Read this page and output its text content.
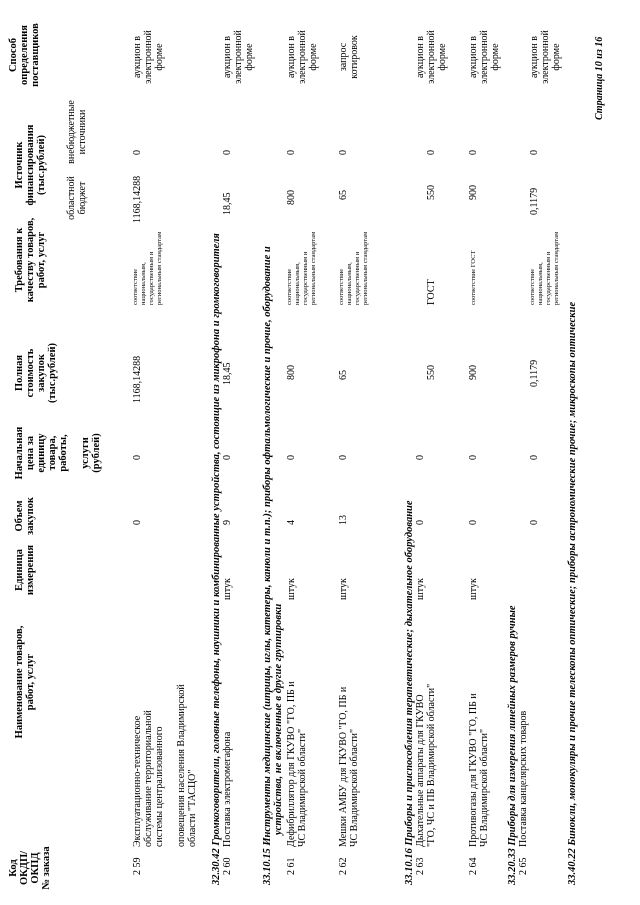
Код ОКДП/ ОКПД № заказа
Наименование товаров, работ, услуг
Единица измерения
Объем закупок
Начальная цена за единицу товара, работы, услуги (рублей)
Полная стоимость закупок (тыс.рублей)
Требования к качеству товаров, работ, услуг
Источник финансирования (тыс.рублей)
областной бюджет
внебюджетные источники
Способ определения поставщиков
2 59
Эксплуатационно-техническое обслуживание территориальной системы централизованного оповещения населения Владимирской области "ТАСЦО"
0
0
1168,14288
соответствие национальным, государственным и региональным стандартам
1168,14288
0
аукцион в электронной форме
32.30.42 Громкоговорители, головные телефоны, наушники и комбинированные устройства, состоящие из микрофона и громкоговорителя
2 60
Поставка электромегафона
штук
9
0
18,45
18,45
0
аукцион в электронной форме
33.10.15 Инструменты медицинские (шприцы, иглы, катетеры, канюли и т.п.); приборы офтальмологические и прочие, оборудование и устройства, не включенные в другие группировки
2 61
Дефибриллятор для ГКУВО "ГО, ПБ и ЧС Владимирской области"
штук
4
0
800
соответствие национальным, государственным и региональным стандартам
800
0
аукцион в электронной форме
2 62
Мешки АМБУ для ГКУВО "ГО, ПБ и ЧС Владимирской области"
штук
13
0
65
соответствие национальным, государственным и региональным стандартам
65
0
запрос котировок
33.10.16 Приборы и приспособления терапевтические; дыхательное оборудование
2 63
Дыхательные аппараты для ГКУВО "ГО, ЧС и ПБ Владимирской области"
штук
0
0
550
ГОСТ
550
0
аукцион в электронной форме
2 64
Противогазы для ГКУВО "ГО, ПБ и ЧС Владимирской области"
штук
0
0
900
соответствие ГОСТ
900
0
аукцион в электронной форме
33.20.33 Приборы для измерения линейных размеров ручные
2 65
Поставка канцелярских товаров
0
0
0,1179
соответствие национальным, государственным и региональным стандартам
0,1179
0
аукцион в электронной форме
33.40.22 Бинокли, монокуляры и прочие телескопы оптические; приборы астрономические прочие; микроскопы оптические
Страница 10 из 16
